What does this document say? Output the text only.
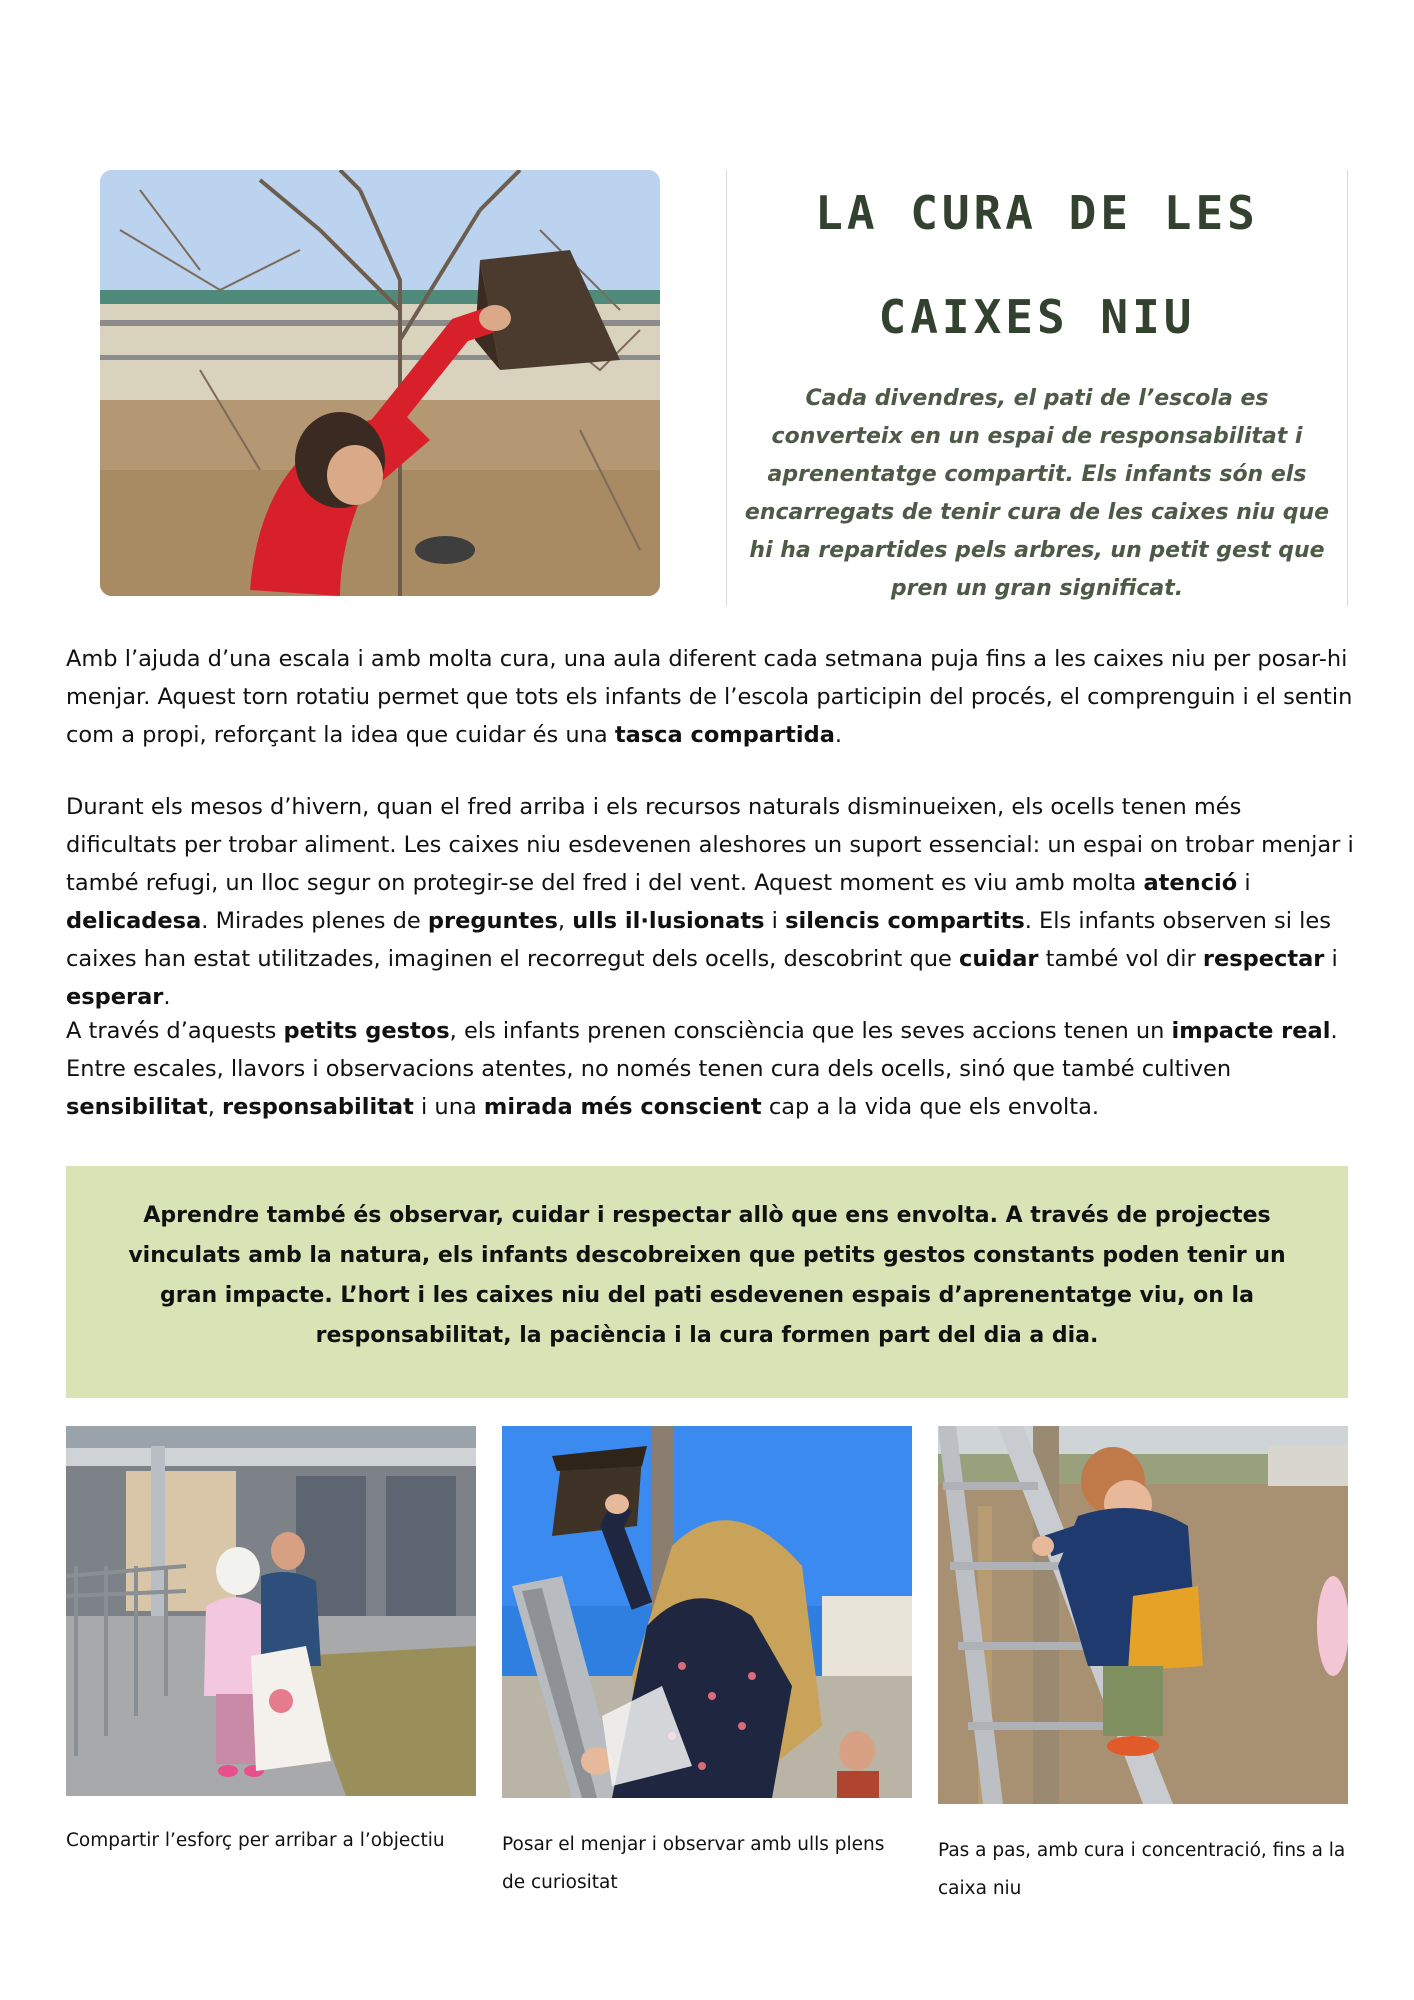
LA CURA DE LES
CAIXES NIU
Cada divendres, el pati de l’escola es converteix en un espai de responsabilitat i aprenentatge compartit. Els infants són els encarregats de tenir cura de les caixes niu que hi ha repartides pels arbres, un petit gest que pren un gran significat.
Amb l’ajuda d’una escala i amb molta cura, una aula diferent cada setmana puja fins a les caixes niu per posar-hi menjar. Aquest torn rotatiu permet que tots els infants de l’escola participin del procés, el comprenguin i el sentin com a propi, reforçant la idea que cuidar és una tasca compartida.
Durant els mesos d’hivern, quan el fred arriba i els recursos naturals disminueixen, els ocells tenen més dificultats per trobar aliment. Les caixes niu esdevenen aleshores un suport essencial: un espai on trobar menjar i també refugi, un lloc segur on protegir-se del fred i del vent. Aquest moment es viu amb molta atenció i delicadesa. Mirades plenes de preguntes, ulls il·lusionats i silencis compartits. Els infants observen si les caixes han estat utilitzades, imaginen el recorregut dels ocells, descobrint que cuidar també vol dir respectar i esperar.
A través d’aquests petits gestos, els infants prenen consciència que les seves accions tenen un impacte real. Entre escales, llavors i observacions atentes, no només tenen cura dels ocells, sinó que també cultiven sensibilitat, responsabilitat i una mirada més conscient cap a la vida que els envolta.
Aprendre també és observar, cuidar i respectar allò que ens envolta. A través de projectes vinculats amb la natura, els infants descobreixen que petits gestos constants poden tenir un gran impacte. L’hort i les caixes niu del pati esdevenen espais d’aprenentatge viu, on la responsabilitat, la paciència i la cura formen part del dia a dia.
Compartir l’esforç per arribar a l’objectiu	Posar el menjar i observar amb ulls plens de curiositat
Pas a pas, amb cura i concentració, fins a la caixa niu
